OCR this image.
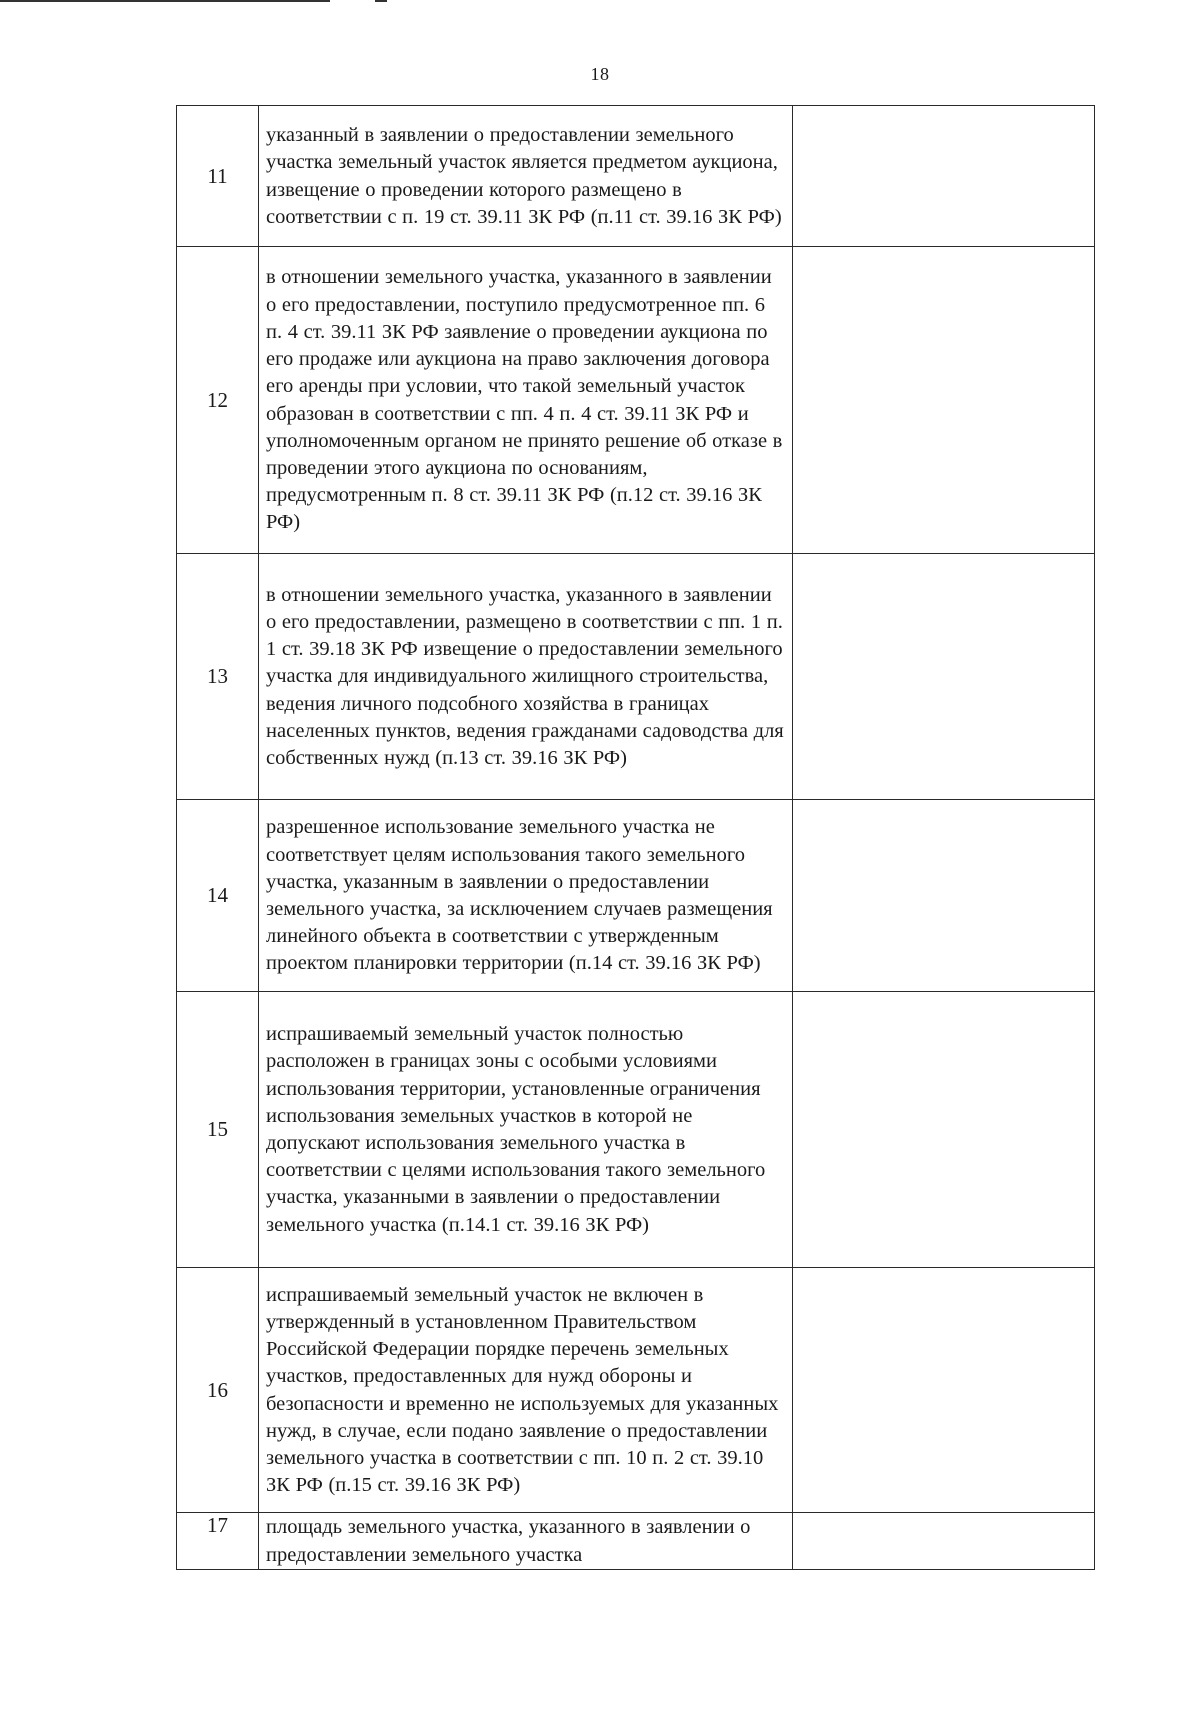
18
11	указанный в заявлении о предоставлении земельного участка земельный участок является предметом аукциона, извещение о проведении которого размещено в соответствии с п. 19 ст. 39.11 ЗК РФ (п.11 ст. 39.16 ЗК РФ)	
12	в отношении земельного участка, указанного в заявлении о его предоставлении, поступило предусмотренное пп. 6 п. 4 ст. 39.11 ЗК РФ заявление о проведении аукциона по его продаже или аукциона на право заключения договора его аренды при условии, что такой земельный участок образован в соответствии с пп. 4 п. 4 ст. 39.11 ЗК РФ и уполномоченным органом не принято решение об отказе в проведении этого аукциона по основаниям, предусмотренным п. 8 ст. 39.11 ЗК РФ (п.12 ст. 39.16 ЗК РФ)	
13	в отношении земельного участка, указанного в заявлении о его предоставлении, размещено в соответствии с пп. 1 п. 1 ст. 39.18 ЗК РФ извещение о предоставлении земельного участка для индивидуального жилищного строительства, ведения личного подсобного хозяйства в границах населенных пунктов, ведения гражданами садоводства для собственных нужд (п.13 ст. 39.16 ЗК РФ)	
14	разрешенное использование земельного участка не соответствует целям использования такого земельного участка, указанным в заявлении о предоставлении земельного участка, за исключением случаев размещения линейного объекта в соответствии с утвержденным проектом планировки территории (п.14 ст. 39.16 ЗК РФ)	
15	испрашиваемый земельный участок полностью расположен в границах зоны с особыми условиями использования территории, установленные ограничения использования земельных участков в которой не допускают использования земельного участка в соответствии с целями использования такого земельного участка, указанными в заявлении о предоставлении земельного участка (п.14.1 ст. 39.16 ЗК РФ)	
16	испрашиваемый земельный участок не включен в утвержденный в установленном Правительством Российской Федерации порядке перечень земельных участков, предоставленных для нужд обороны и безопасности и временно не используемых для указанных нужд, в случае, если подано заявление о предоставлении земельного участка в соответствии с пп. 10 п. 2 ст. 39.10 ЗК РФ (п.15 ст. 39.16 ЗК РФ)	
17	площадь земельного участка, указанного в заявлении о предоставлении земельного участка	
